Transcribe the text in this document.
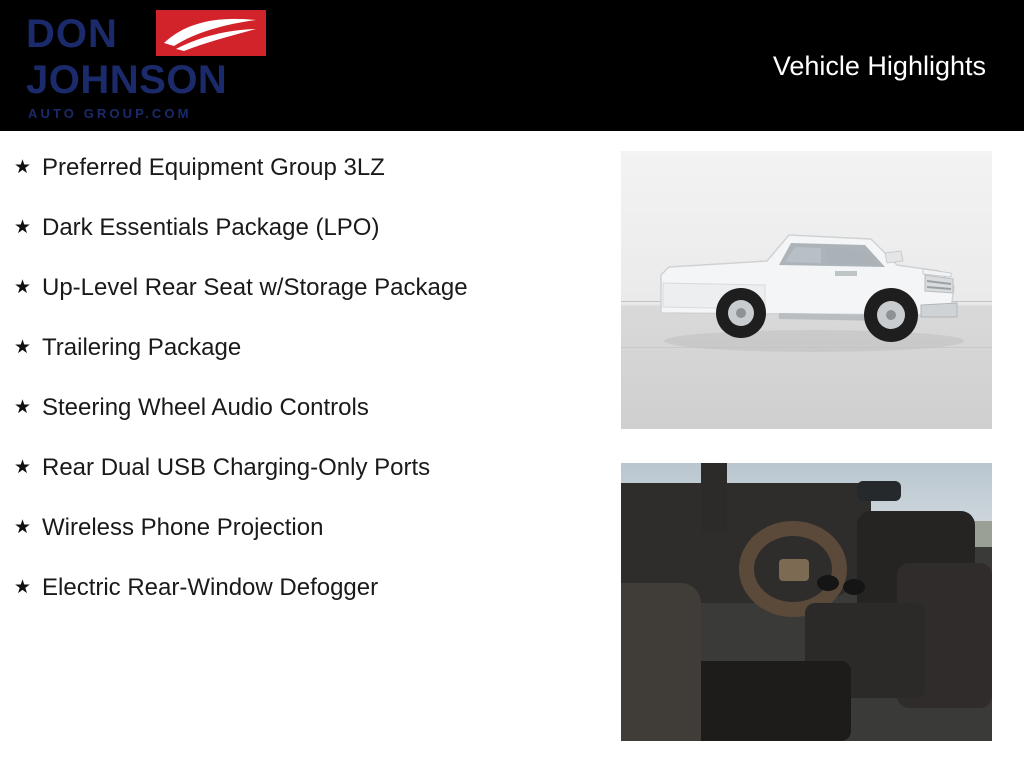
DON
JOHNSON
AUTO GROUP.COM
Vehicle Highlights
★ Preferred Equipment Group 3LZ
★ Dark Essentials Package (LPO)
★ Up-Level Rear Seat w/Storage Package
★ Trailering Package
★ Steering Wheel Audio Controls
★ Rear Dual USB Charging-Only Ports
★ Wireless Phone Projection
★ Electric Rear-Window Defogger
